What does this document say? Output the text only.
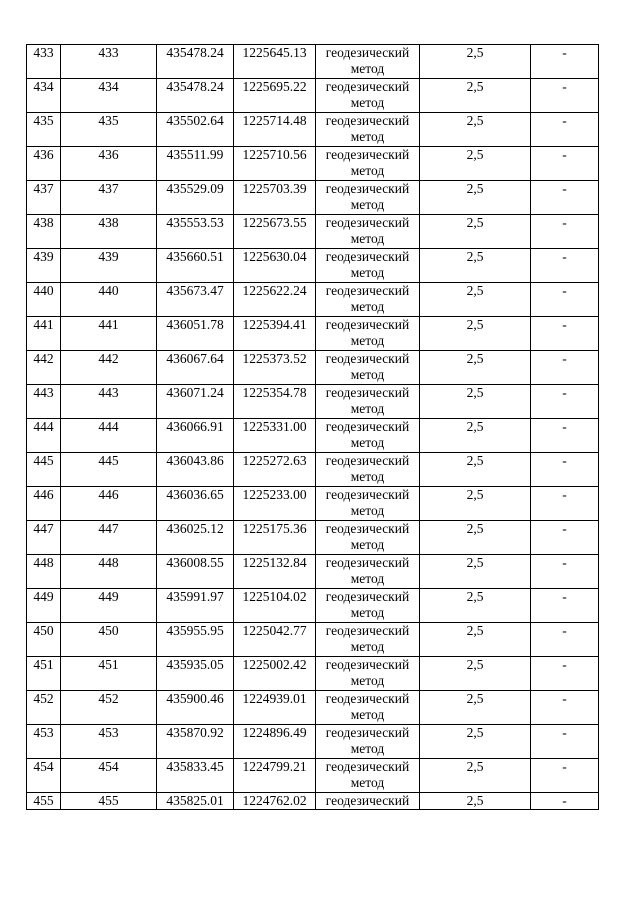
433	433	435478.24	1225645.13	геодезический метод	2,5	-
434	434	435478.24	1225695.22	геодезический метод	2,5	-
435	435	435502.64	1225714.48	геодезический метод	2,5	-
436	436	435511.99	1225710.56	геодезический метод	2,5	-
437	437	435529.09	1225703.39	геодезический метод	2,5	-
438	438	435553.53	1225673.55	геодезический метод	2,5	-
439	439	435660.51	1225630.04	геодезический метод	2,5	-
440	440	435673.47	1225622.24	геодезический метод	2,5	-
441	441	436051.78	1225394.41	геодезический метод	2,5	-
442	442	436067.64	1225373.52	геодезический метод	2,5	-
443	443	436071.24	1225354.78	геодезический метод	2,5	-
444	444	436066.91	1225331.00	геодезический метод	2,5	-
445	445	436043.86	1225272.63	геодезический метод	2,5	-
446	446	436036.65	1225233.00	геодезический метод	2,5	-
447	447	436025.12	1225175.36	геодезический метод	2,5	-
448	448	436008.55	1225132.84	геодезический метод	2,5	-
449	449	435991.97	1225104.02	геодезический метод	2,5	-
450	450	435955.95	1225042.77	геодезический метод	2,5	-
451	451	435935.05	1225002.42	геодезический метод	2,5	-
452	452	435900.46	1224939.01	геодезический метод	2,5	-
453	453	435870.92	1224896.49	геодезический метод	2,5	-
454	454	435833.45	1224799.21	геодезический метод	2,5	-
455	455	435825.01	1224762.02	геодезический	2,5	-
